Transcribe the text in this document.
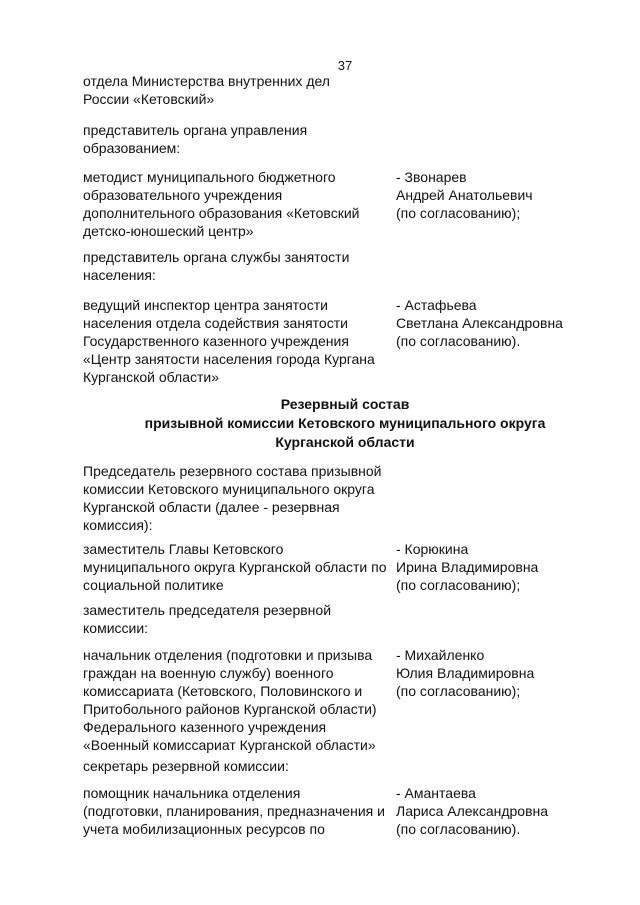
37
отдела Министерства внутренних дел
России «Кетовский»
представитель органа управления
образованием:
методист муниципального бюджетного
образовательного учреждения
дополнительного образования «Кетовский
детско-юношеский центр»
- Звонарев
Андрей Анатольевич
(по согласованию);
представитель органа службы занятости
населения:
ведущий инспектор центра занятости
населения отдела содействия занятости
Государственного казенного учреждения
«Центр занятости населения города Кургана
Курганской области»
- Астафьева
Светлана Александровна
(по согласованию).
Резервный состав
призывной комиссии Кетовского муниципального округа
Курганской области
Председатель резервного состава призывной
комиссии Кетовского муниципального округа
Курганской области (далее - резервная
комиссия):
заместитель Главы Кетовского
муниципального округа Курганской области по
социальной политике
- Корюкина
Ирина Владимировна
(по согласованию);
заместитель председателя резервной
комиссии:
начальник отделения (подготовки и призыва
граждан на военную службу) военного
комиссариата (Кетовского, Половинского и
Притобольного районов Курганской области)
Федерального казенного учреждения
«Военный комиссариат Курганской области»
- Михайленко
Юлия Владимировна
(по согласованию);
секретарь резервной комиссии:
помощник начальника отделения
(подготовки, планирования, предназначения и
учета мобилизационных ресурсов по
- Амантаева
Лариса Александровна
(по согласованию).
